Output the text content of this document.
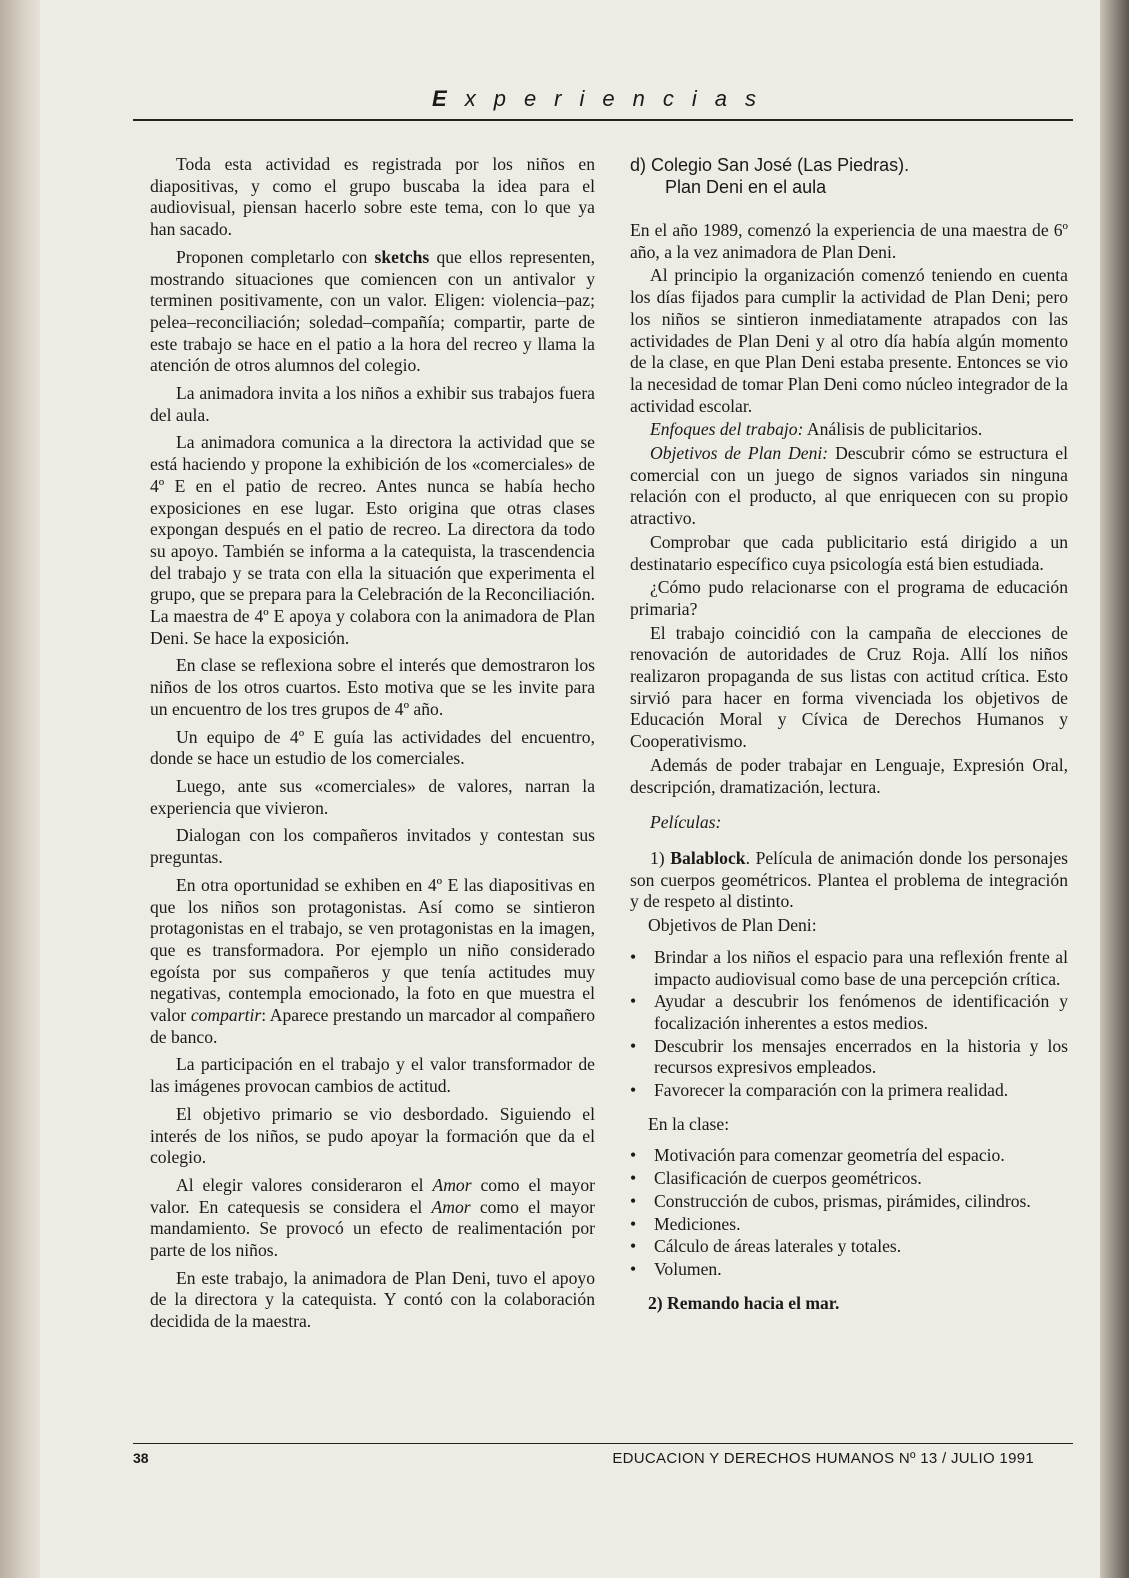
Experiencias

Toda esta actividad es registrada por los niños en diapositivas, y como el grupo buscaba la idea para el audiovisual, piensan hacerlo sobre este tema, con lo que ya han sacado.

Proponen completarlo con sketchs que ellos representen, mostrando situaciones que comiencen con un antivalor y terminen positivamente, con un valor. Eligen: violencia–paz; pelea–reconciliación; soledad–compañía; compartir, parte de este trabajo se hace en el patio a la hora del recreo y llama la atención de otros alumnos del colegio.

La animadora invita a los niños a exhibir sus trabajos fuera del aula.

La animadora comunica a la directora la actividad que se está haciendo y propone la exhibición de los «comerciales» de 4º E en el patio de recreo. Antes nunca se había hecho exposiciones en ese lugar. Esto origina que otras clases expongan después en el patio de recreo. La directora da todo su apoyo. También se informa a la catequista, la trascendencia del trabajo y se trata con ella la situación que experimenta el grupo, que se prepara para la Celebración de la Reconciliación. La maestra de 4º E apoya y colabora con la animadora de Plan Deni. Se hace la exposición.

En clase se reflexiona sobre el interés que demostraron los niños de los otros cuartos. Esto motiva que se les invite para un encuentro de los tres grupos de 4º año.

Un equipo de 4º E guía las actividades del encuentro, donde se hace un estudio de los comerciales.

Luego, ante sus «comerciales» de valores, narran la experiencia que vivieron.

Dialogan con los compañeros invitados y contestan sus preguntas.

En otra oportunidad se exhiben en 4º E las diapositivas en que los niños son protagonistas. Así como se sintieron protagonistas en el trabajo, se ven protagonistas en la imagen, que es transformadora. Por ejemplo un niño considerado egoísta por sus compañeros y que tenía actitudes muy negativas, contempla emocionado, la foto en que muestra el valor compartir: Aparece prestando un marcador al compañero de banco.

La participación en el trabajo y el valor transformador de las imágenes provocan cambios de actitud.

El objetivo primario se vio desbordado. Siguiendo el interés de los niños, se pudo apoyar la formación que da el colegio.

Al elegir valores consideraron el Amor como el mayor valor. En catequesis se considera el Amor como el mayor mandamiento. Se provocó un efecto de realimentación por parte de los niños.

En este trabajo, la animadora de Plan Deni, tuvo el apoyo de la directora y la catequista. Y contó con la colaboración decidida de la maestra.

d) Colegio San José (Las Piedras).
Plan Deni en el aula

En el año 1989, comenzó la experiencia de una maestra de 6º año, a la vez animadora de Plan Deni.

Al principio la organización comenzó teniendo en cuenta los días fijados para cumplir la actividad de Plan Deni; pero los niños se sintieron inmediatamente atrapados con las actividades de Plan Deni y al otro día había algún momento de la clase, en que Plan Deni estaba presente. Entonces se vio la necesidad de tomar Plan Deni como núcleo integrador de la actividad escolar.

Enfoques del trabajo: Análisis de publicitarios.

Objetivos de Plan Deni: Descubrir cómo se estructura el comercial con un juego de signos variados sin ninguna relación con el producto, al que enriquecen con su propio atractivo.

Comprobar que cada publicitario está dirigido a un destinatario específico cuya psicología está bien estudiada.

¿Cómo pudo relacionarse con el programa de educación primaria?

El trabajo coincidió con la campaña de elecciones de renovación de autoridades de Cruz Roja. Allí los niños realizaron propaganda de sus listas con actitud crítica. Esto sirvió para hacer en forma vivenciada los objetivos de Educación Moral y Cívica de Derechos Humanos y Cooperativismo.

Además de poder trabajar en Lenguaje, Expresión Oral, descripción, dramatización, lectura.

Películas:

1) Balablock. Película de animación donde los personajes son cuerpos geométricos. Plantea el problema de integración y de respeto al distinto.

Objetivos de Plan Deni:

• Brindar a los niños el espacio para una reflexión frente al impacto audiovisual como base de una percepción crítica.
• Ayudar a descubrir los fenómenos de identificación y focalización inherentes a estos medios.
• Descubrir los mensajes encerrados en la historia y los recursos expresivos empleados.
• Favorecer la comparación con la primera realidad.

En la clase:

• Motivación para comenzar geometría del espacio.
• Clasificación de cuerpos geométricos.
• Construcción de cubos, prismas, pirámides, cilindros.
• Mediciones.
• Cálculo de áreas laterales y totales.
• Volumen.

2) Remando hacia el mar.

38	EDUCACION Y DERECHOS HUMANOS Nº 13 / JULIO 1991
